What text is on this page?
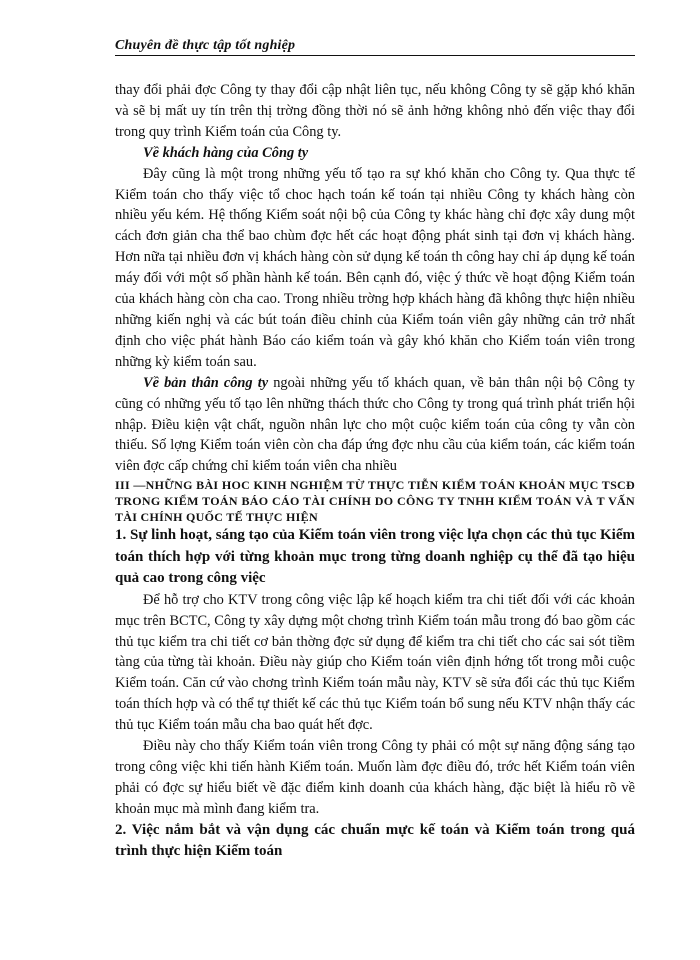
Chuyên đề thực tập tốt nghiệp

thay đổi phải đợc Công ty thay đổi cập nhật liên tục, nếu không Công ty sẽ gặp khó khăn và sẽ bị mất uy tín trên thị trờng đồng thời nó sẽ ảnh hởng không nhỏ đến việc thay đổi trong quy trình Kiểm toán của Công ty.

Về khách hàng của Công ty

Đây cũng là một trong những yếu tố tạo ra sự khó khăn cho Công ty. Qua thực tế Kiểm toán cho thấy việc tổ choc hạch toán kế toán tại nhiều Công ty khách hàng còn nhiều yếu kém. Hệ thống Kiểm soát nội bộ của Công ty khác hàng chỉ đợc xây dung một cách đơn giản cha thể bao chùm đợc hết các hoạt động phát sinh tại đơn vị khách hàng. Hơn nữa tại nhiều đơn vị khách hàng còn sử dụng kế toán th công hay chỉ áp dụng kế toán máy đối với một số phần hành kế toán. Bên cạnh đó, việc ý thức về hoạt động Kiểm toán của khách hàng còn cha cao. Trong nhiều trờng hợp khách hàng đã không thực hiện nhiều những kiến nghị và các bút toán điều chỉnh của Kiểm toán viên gây những cản trở nhất định cho việc phát hành Báo cáo kiểm toán và gây khó khăn cho Kiểm toán viên trong những kỳ kiểm toán sau.

Về bản thân công ty ngoài những yếu tố khách quan, về bản thân nội bộ Công ty cũng có những yếu tố tạo lên những thách thức cho Công ty trong quá trình phát triển hội nhập. Điều kiện vật chất, nguồn nhân lực cho một cuộc kiểm toán của công ty vẫn còn thiếu. Số lợng Kiểm toán viên còn cha đáp ứng đợc nhu cầu của kiểm toán, các kiểm toán viên đợc cấp chứng chỉ kiểm toán viên cha nhiều

III —NHỮNG BÀI HOC KINH NGHIỆM TỪ THỰC TIỄN KIỂM TOÁN KHOẢN MỤC TSCĐ TRONG KIỂM TOÁN BÁO CÁO TÀI CHÍNH DO CÔNG TY TNHH KIỂM TOÁN VÀ T VẤN TÀI CHÍNH QUỐC TẾ THỰC HIỆN

1. Sự linh hoạt, sáng tạo của Kiểm toán viên trong việc lựa chọn các thủ tục Kiểm toán thích hợp với từng khoản mục trong từng doanh nghiệp cụ thể đã tạo hiệu quả cao trong công việc

Để hỗ trợ cho KTV trong công việc lập kế hoạch kiểm tra chi tiết đối với các khoản mục trên BCTC, Công ty xây dựng một chơng trình Kiểm toán mẫu trong đó bao gồm các thủ tục kiểm tra chi tiết cơ bản thờng đợc sử dụng để kiểm tra chi tiết cho các sai sót tiềm tàng của từng tài khoản. Điều này giúp cho Kiểm toán viên định hớng tốt trong mỗi cuộc Kiểm toán. Căn cứ vào chơng trình Kiểm toán mẫu này, KTV sẽ sửa đổi các thủ tục Kiểm toán thích hợp và có thể tự thiết kế các thủ tục Kiểm toán bổ sung nếu KTV nhận thấy các thủ tục Kiểm toán mẫu cha bao quát hết đợc.

Điều này cho thấy Kiểm toán viên trong Công ty phải có một sự năng động sáng tạo trong công việc khi tiến hành Kiểm toán. Muốn làm đợc điều đó, trớc hết Kiểm toán viên phải có đợc sự hiểu biết về đặc điểm kinh doanh của khách hàng, đặc biệt là hiểu rõ về khoản mục mà mình đang kiểm tra.

2. Việc nắm bắt và vận dụng các chuẩn mực kế toán và Kiểm toán trong quá trình thực hiện Kiểm toán
